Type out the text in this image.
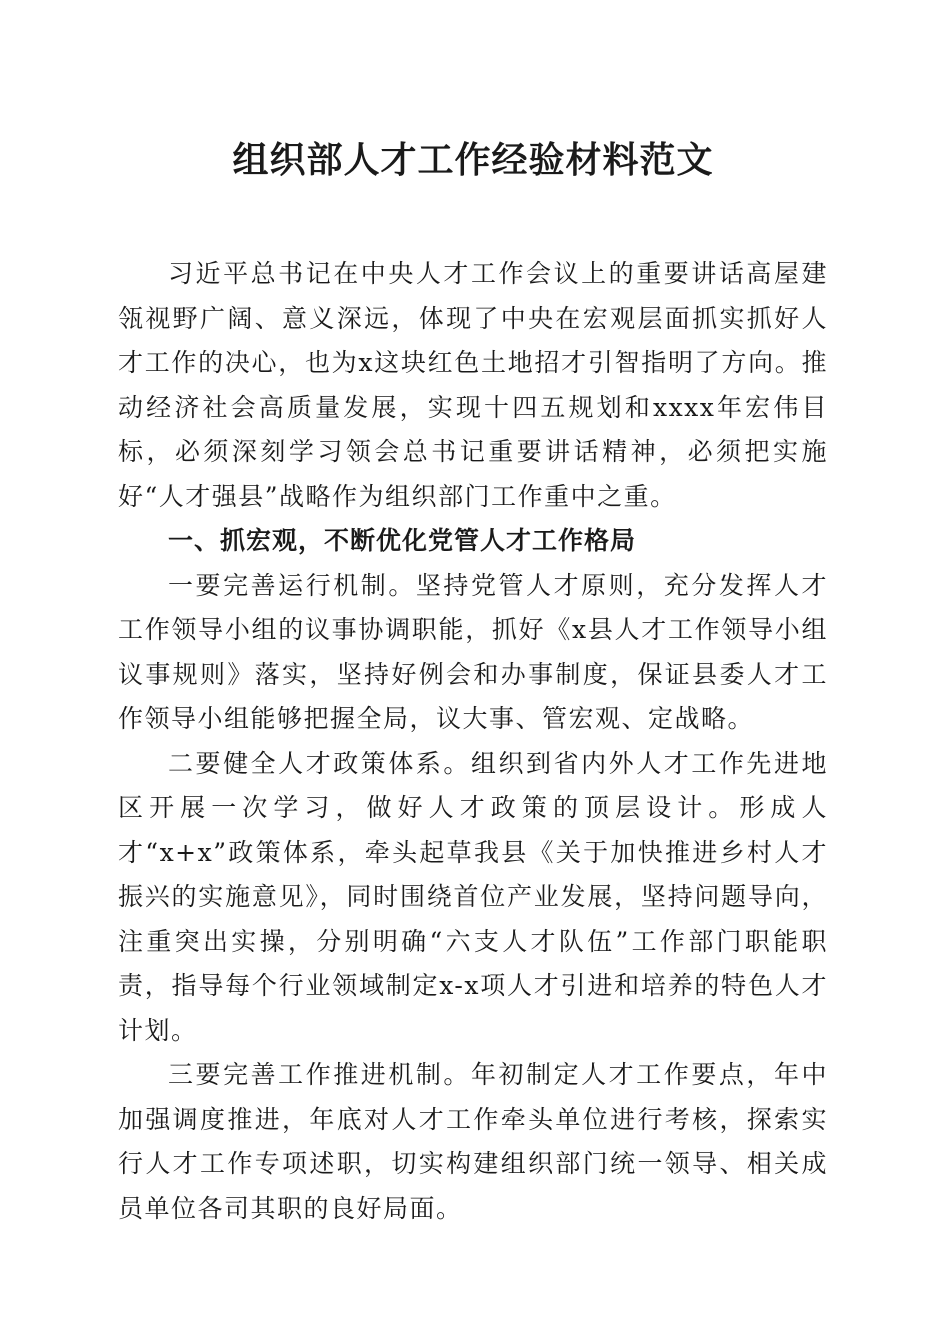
组织部人才工作经验材料范文

习近平总书记在中央人才工作会议上的重要讲话高屋建瓴视野广阔、意义深远，体现了中央在宏观层面抓实抓好人才工作的决心，也为x这块红色土地招才引智指明了方向。推动经济社会高质量发展，实现十四五规划和xxxx年宏伟目标，必须深刻学习领会总书记重要讲话精神，必须把实施好“人才强县”战略作为组织部门工作重中之重。

一、抓宏观，不断优化党管人才工作格局

一要完善运行机制。坚持党管人才原则，充分发挥人才工作领导小组的议事协调职能，抓好《x县人才工作领导小组议事规则》落实，坚持好例会和办事制度，保证县委人才工作领导小组能够把握全局，议大事、管宏观、定战略。

二要健全人才政策体系。组织到省内外人才工作先进地区开展一次学习，做好人才政策的顶层设计。形成人才“x+x”政策体系，牵头起草我县《关于加快推进乡村人才振兴的实施意见》，同时围绕首位产业发展，坚持问题导向，注重突出实操，分别明确“六支人才队伍”工作部门职能职责，指导每个行业领域制定x-x项人才引进和培养的特色人才计划。

三要完善工作推进机制。年初制定人才工作要点，年中加强调度推进，年底对人才工作牵头单位进行考核，探索实行人才工作专项述职，切实构建组织部门统一领导、相关成员单位各司其职的良好局面。
